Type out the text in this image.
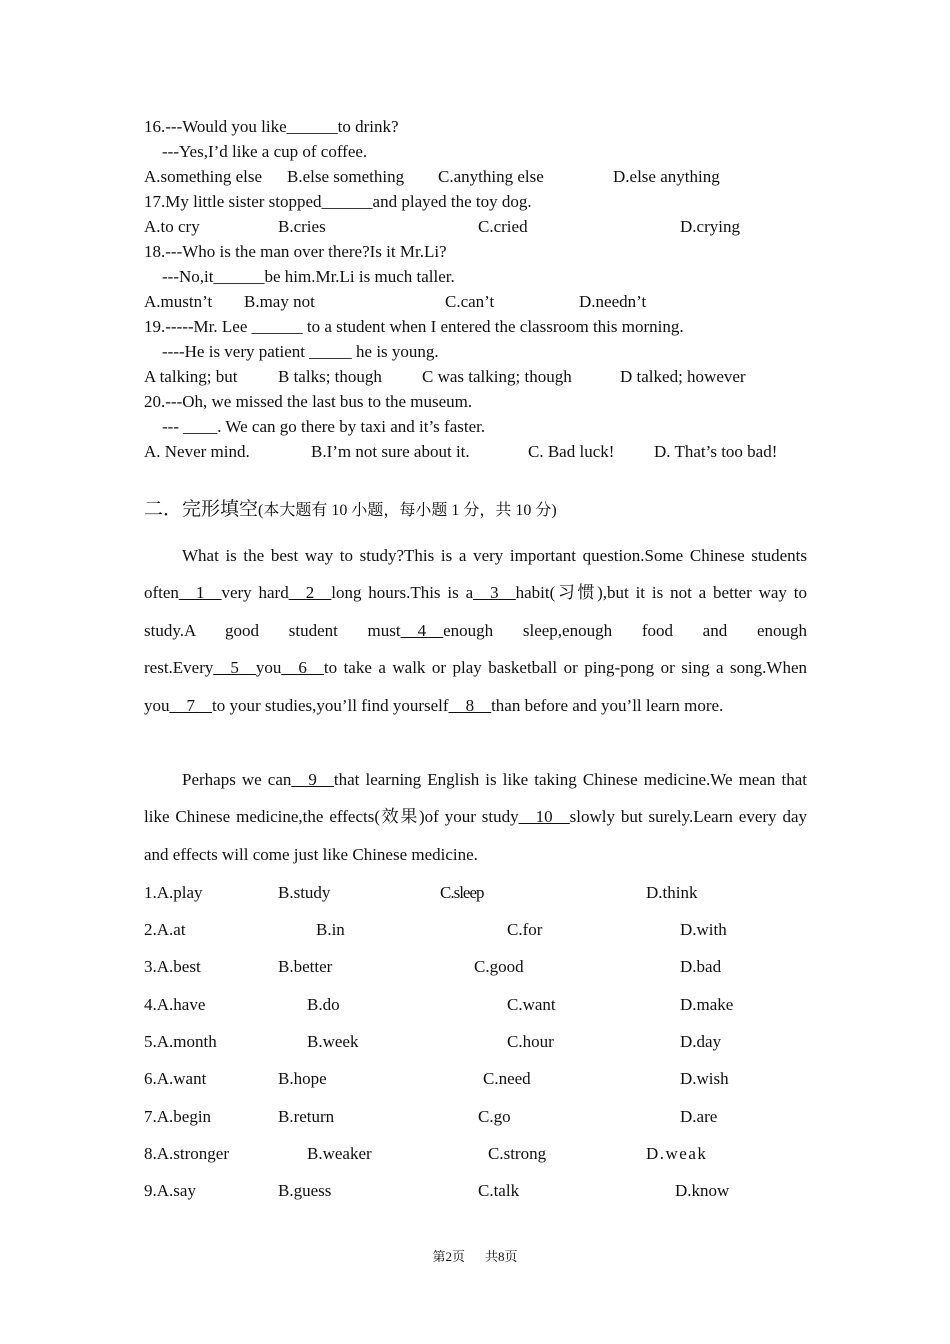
16.---Would you like______to drink?
---Yes,I’d like a cup of coffee.
A.something else B.else something C.anything else	D.else anything
17.My little sister stopped______and played the toy dog.
A.to cry	B.cries	C.cried	D.crying
18.---Who is the man over there?Is it Mr.Li?
---No,it______be him.Mr.Li is much taller.
A.mustn’t B.may not	C.can’t	D.needn’t
19.-----Mr. Lee ______ to a student when I entered the classroom this morning.
----He is very patient _____ he is young.
A talking; but B talks; though C was talking; though	D talked; however
20.---Oh, we missed the last bus to the museum.
--- ____. We can go there by taxi and it’s faster.
A. Never mind.	B.I’m not sure about it.	C. Bad luck! D. That’s too bad!
二．完形填空(本大题有 10 小题，每小题 1 分，共 10 分)
What is the best way to study?This is a very important question.Some Chinese students often__1__very hard__2__long hours.This is a__3__habit(习惯),but it is not a better way to study.A good student must__4__enough sleep,enough food and enough rest.Every__5__you__6__to take a walk or play basketball or ping-pong or sing a song.When you__7__to your studies,you’ll find yourself__8__than before and you’ll learn more.
Perhaps we can__9__that learning English is like taking Chinese medicine.We mean that like Chinese medicine,the effects(效果)of your study__10__slowly but surely.Learn every day and effects will come just like Chinese medicine.
1.A.play	B.study	C.sleep	D.think
2.A.at	B.in	C.for	D.with
3.A.best	B.better	C.good	D.bad
4.A.have	B.do	C.want	D.make
5.A.month	B.week	C.hour	D.day
6.A.want	B.hope	C.need	D.wish
7.A.begin	B.return	C.go	D.are
8.A.stronger	B.weaker	C.strong	D.weak
9.A.say	B.guess	C.talk	D.know
第2页 共8页
